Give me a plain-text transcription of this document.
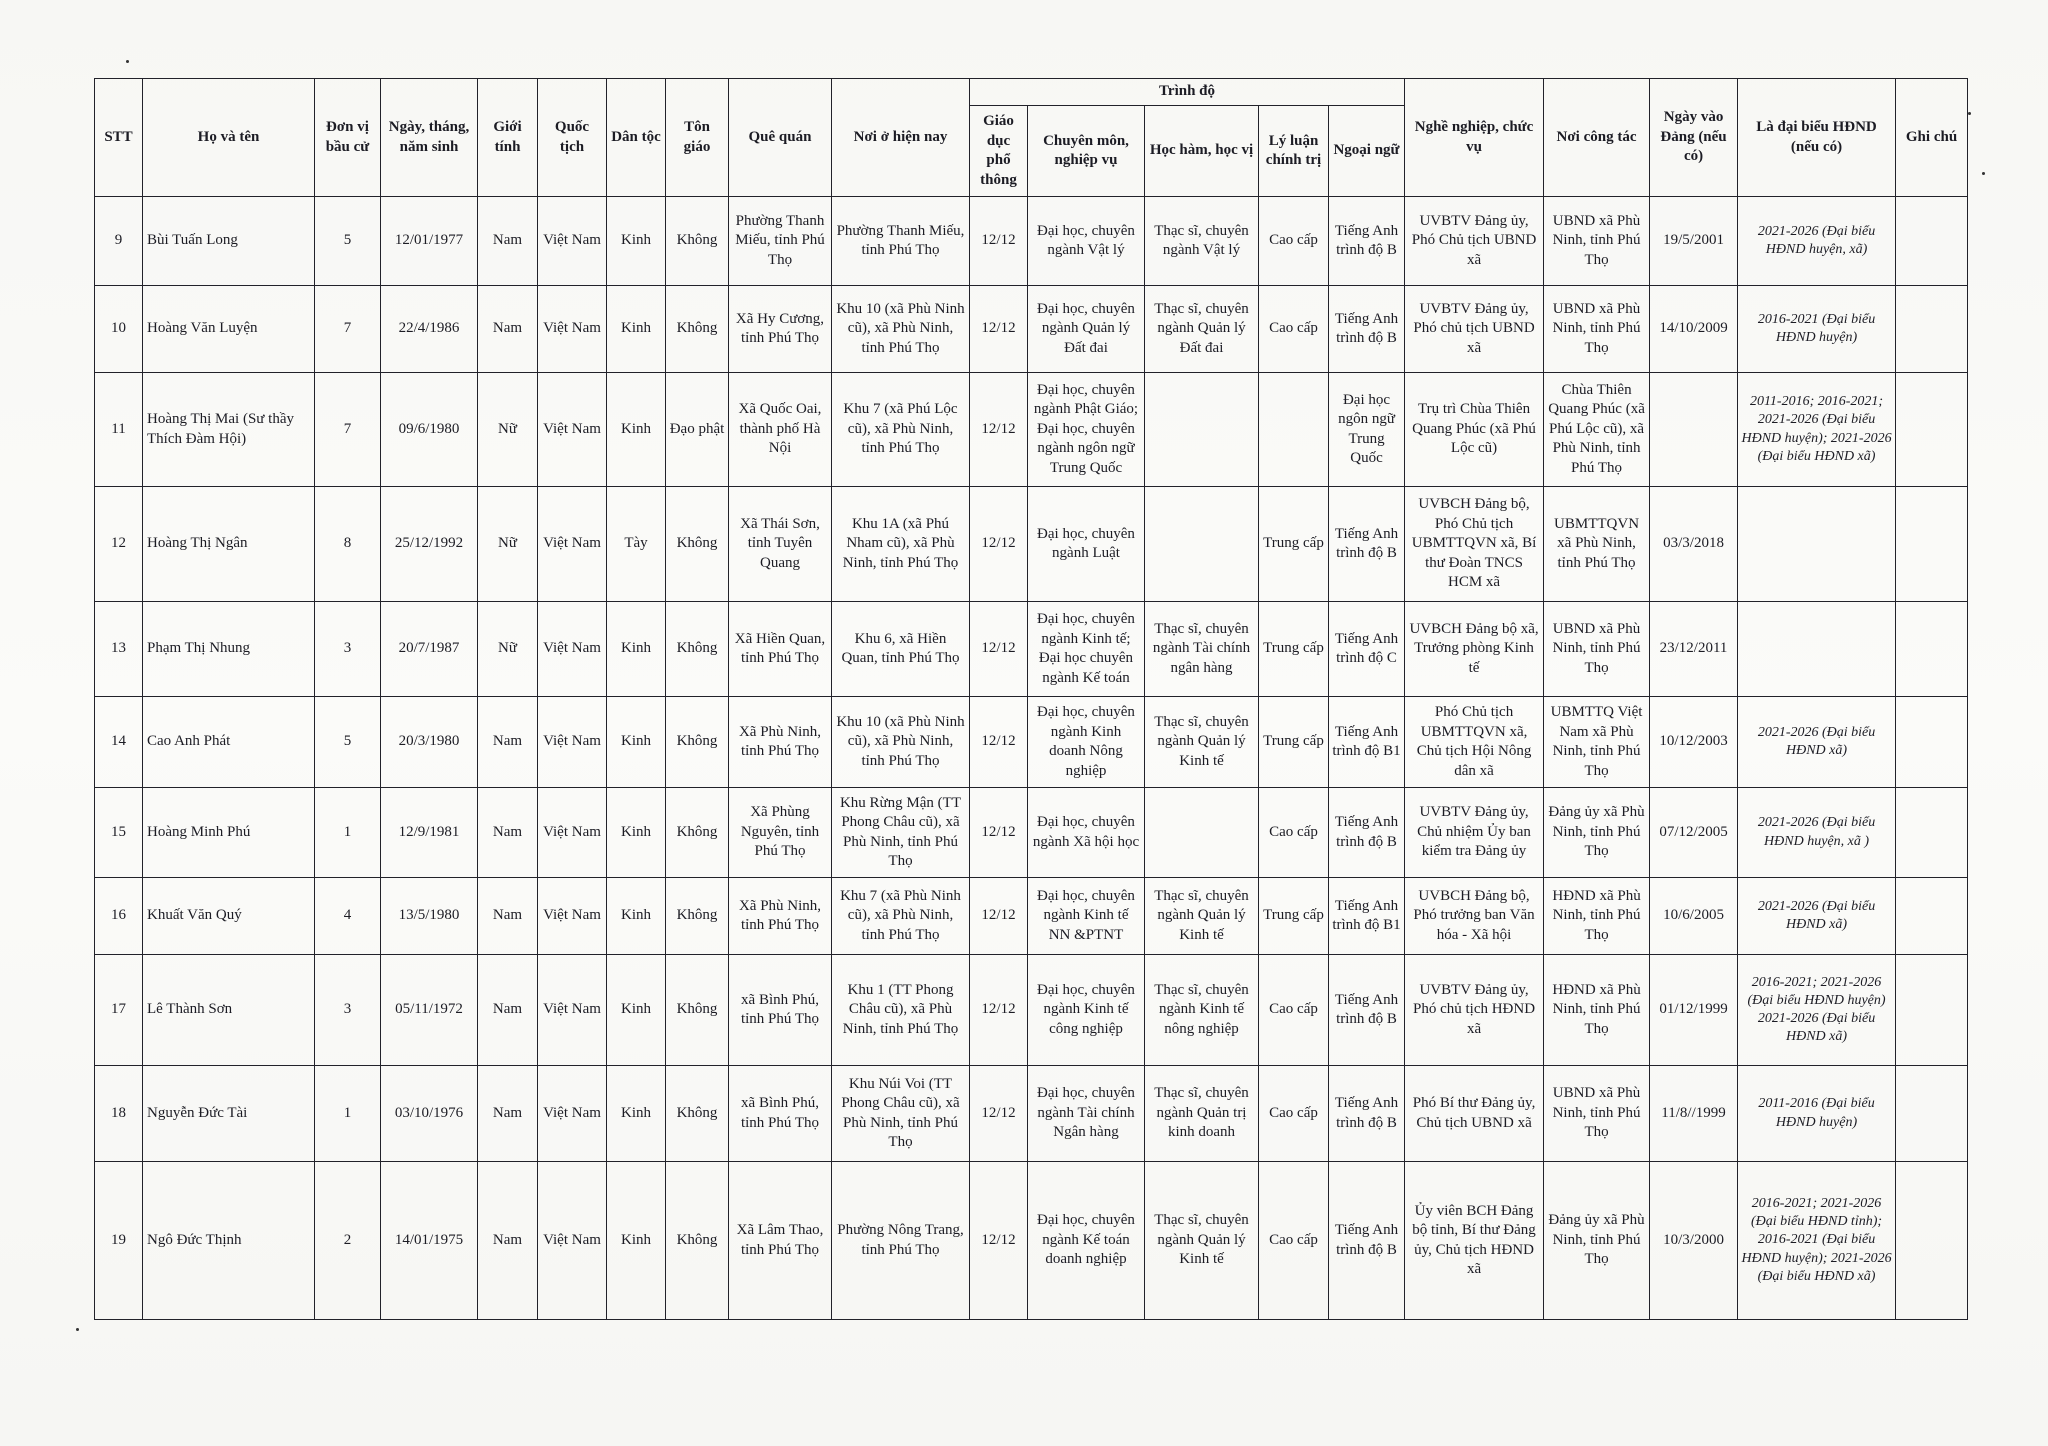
STT	Họ và tên	Đơn vị bầu cử	Ngày, tháng, năm sinh	Giới tính	Quốc tịch	Dân tộc	Tôn giáo	Quê quán	Nơi ở hiện nay	Trình độ					Nghề nghiệp, chức vụ	Nơi công tác	Ngày vào Đảng (nếu có)	Là đại biểu HĐND (nếu có)	Ghi chú
										Giáo dục phổ thông	Chuyên môn, nghiệp vụ	Học hàm, học vị	Lý luận chính trị	Ngoại ngữ					
9	Bùi Tuấn Long	5	12/01/1977	Nam	Việt Nam	Kinh	Không	Phường Thanh Miếu, tỉnh Phú Thọ	Phường Thanh Miếu, tỉnh Phú Thọ	12/12	Đại học, chuyên ngành Vật lý	Thạc sĩ, chuyên ngành Vật lý	Cao cấp	Tiếng Anh trình độ B	UVBTV Đảng ủy, Phó Chủ tịch UBND xã	UBND xã Phù Ninh, tỉnh Phú Thọ	19/5/2001	2021-2026 (Đại biểu HĐND huyện, xã)	
10	Hoàng Văn Luyện	7	22/4/1986	Nam	Việt Nam	Kinh	Không	Xã Hy Cương, tỉnh Phú Thọ	Khu 10 (xã Phù Ninh cũ), xã Phù Ninh, tỉnh Phú Thọ	12/12	Đại học, chuyên ngành Quản lý Đất đai	Thạc sĩ, chuyên ngành Quản lý Đất đai	Cao cấp	Tiếng Anh trình độ B	UVBTV Đảng ủy, Phó chủ tịch UBND xã	UBND xã Phù Ninh, tỉnh Phú Thọ	14/10/2009	2016-2021 (Đại biểu HĐND huyện)	
11	Hoàng Thị Mai (Sư thầy Thích Đàm Hội)	7	09/6/1980	Nữ	Việt Nam	Kinh	Đạo phật	Xã Quốc Oai, thành phố Hà Nội	Khu 7 (xã Phú Lộc cũ), xã Phù Ninh, tỉnh Phú Thọ	12/12	Đại học, chuyên ngành Phật Giáo; Đại học, chuyên ngành ngôn ngữ Trung Quốc			Đại học ngôn ngữ Trung Quốc	Trụ trì Chùa Thiên Quang Phúc (xã Phú Lộc cũ)	Chùa Thiên Quang Phúc (xã Phú Lộc cũ), xã Phù Ninh, tỉnh Phú Thọ		2011-2016; 2016-2021; 2021-2026 (Đại biểu HĐND huyện); 2021-2026 (Đại biểu HĐND xã)	
12	Hoàng Thị Ngân	8	25/12/1992	Nữ	Việt Nam	Tày	Không	Xã Thái Sơn, tỉnh Tuyên Quang	Khu 1A (xã Phú Nham cũ), xã Phù Ninh, tỉnh Phú Thọ	12/12	Đại học, chuyên ngành Luật		Trung cấp	Tiếng Anh trình độ B	UVBCH Đảng bộ, Phó Chủ tịch UBMTTQVN xã, Bí thư Đoàn TNCS HCM xã	UBMTTQVN xã Phù Ninh, tỉnh Phú Thọ	03/3/2018		
13	Phạm Thị Nhung	3	20/7/1987	Nữ	Việt Nam	Kinh	Không	Xã Hiền Quan, tỉnh Phú Thọ	Khu 6, xã Hiền Quan, tỉnh Phú Thọ	12/12	Đại học, chuyên ngành Kinh tế; Đại học chuyên ngành Kế toán	Thạc sĩ, chuyên ngành Tài chính ngân hàng	Trung cấp	Tiếng Anh trình độ C	UVBCH Đảng bộ xã, Trưởng phòng Kinh tế	UBND xã Phù Ninh, tỉnh Phú Thọ	23/12/2011		
14	Cao Anh Phát	5	20/3/1980	Nam	Việt Nam	Kinh	Không	Xã Phù Ninh, tỉnh Phú Thọ	Khu 10 (xã Phù Ninh cũ), xã Phù Ninh, tỉnh Phú Thọ	12/12	Đại học, chuyên ngành Kinh doanh Nông nghiệp	Thạc sĩ, chuyên ngành Quản lý Kinh tế	Trung cấp	Tiếng Anh trình độ B1	Phó Chủ tịch UBMTTQVN xã, Chủ tịch Hội Nông dân xã	UBMTTQ Việt Nam xã Phù Ninh, tỉnh Phú Thọ	10/12/2003	2021-2026 (Đại biểu HĐND xã)	
15	Hoàng Minh Phú	1	12/9/1981	Nam	Việt Nam	Kinh	Không	Xã Phùng Nguyên, tỉnh Phú Thọ	Khu Rừng Mận (TT Phong Châu cũ), xã Phù Ninh, tỉnh Phú Thọ	12/12	Đại học, chuyên ngành Xã hội học		Cao cấp	Tiếng Anh trình độ B	UVBTV Đảng ủy, Chủ nhiệm Ủy ban kiểm tra Đảng ủy	Đảng ủy xã Phù Ninh, tỉnh Phú Thọ	07/12/2005	2021-2026 (Đại biểu HĐND huyện, xã )	
16	Khuất Văn Quý	4	13/5/1980	Nam	Việt Nam	Kinh	Không	Xã Phù Ninh, tỉnh Phú Thọ	Khu 7 (xã Phù Ninh cũ), xã Phù Ninh, tỉnh Phú Thọ	12/12	Đại học, chuyên ngành Kinh tế NN &PTNT	Thạc sĩ, chuyên ngành Quản lý Kinh tế	Trung cấp	Tiếng Anh trình độ B1	UVBCH Đảng bộ, Phó trưởng ban Văn hóa - Xã hội	HĐND xã Phù Ninh, tỉnh Phú Thọ	10/6/2005	2021-2026 (Đại biểu HĐND xã)	
17	Lê Thành Sơn	3	05/11/1972	Nam	Việt Nam	Kinh	Không	xã Bình Phú, tỉnh Phú Thọ	Khu 1 (TT Phong Châu cũ), xã Phù Ninh, tỉnh Phú Thọ	12/12	Đại học, chuyên ngành Kinh tế công nghiệp	Thạc sĩ, chuyên ngành Kinh tế nông nghiệp	Cao cấp	Tiếng Anh trình độ B	UVBTV Đảng ủy, Phó chủ tịch HĐND xã	HĐND xã Phù Ninh, tỉnh Phú Thọ	01/12/1999	2016-2021; 2021-2026 (Đại biểu HĐND huyện) 2021-2026 (Đại biểu HĐND xã)	
18	Nguyễn Đức Tài	1	03/10/1976	Nam	Việt Nam	Kinh	Không	xã Bình Phú, tỉnh Phú Thọ	Khu Núi Voi (TT Phong Châu cũ), xã Phù Ninh, tỉnh Phú Thọ	12/12	Đại học, chuyên ngành Tài chính Ngân hàng	Thạc sĩ, chuyên ngành Quản trị kinh doanh	Cao cấp	Tiếng Anh trình độ B	Phó Bí thư Đảng ủy, Chủ tịch UBND xã	UBND xã Phù Ninh, tỉnh Phú Thọ	11/8//1999	2011-2016 (Đại biểu HĐND huyện)	
19	Ngô Đức Thịnh	2	14/01/1975	Nam	Việt Nam	Kinh	Không	Xã Lâm Thao, tỉnh Phú Thọ	Phường Nông Trang, tỉnh Phú Thọ	12/12	Đại học, chuyên ngành Kế toán doanh nghiệp	Thạc sĩ, chuyên ngành Quản lý Kinh tế	Cao cấp	Tiếng Anh trình độ B	Ủy viên BCH Đảng bộ tỉnh, Bí thư Đảng ủy, Chủ tịch HĐND xã	Đảng ủy xã Phù Ninh, tỉnh Phú Thọ	10/3/2000	2016-2021; 2021-2026 (Đại biểu HĐND tỉnh); 2016-2021 (Đại biểu HĐND huyện); 2021-2026 (Đại biểu HĐND xã)	
